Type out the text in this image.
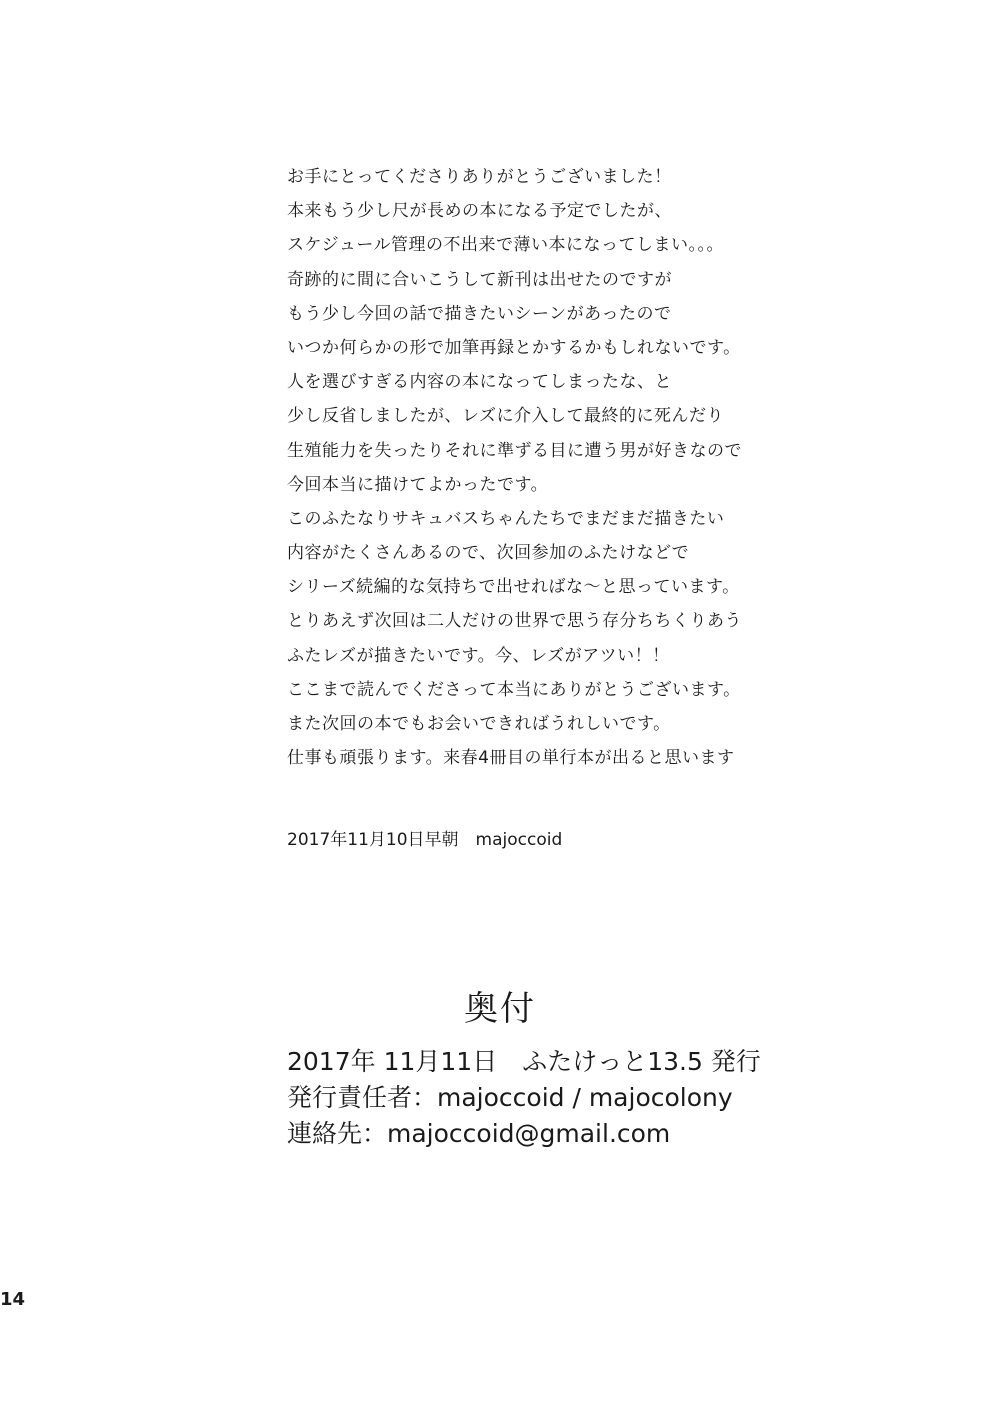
お手にとってくださりありがとうございました！
本来もう少し尺が長めの本になる予定でしたが、
スケジュール管理の不出来で薄い本になってしまい。。。
奇跡的に間に合いこうして新刊は出せたのですが
もう少し今回の話で描きたいシーンがあったので
いつか何らかの形で加筆再録とかするかもしれないです。
人を選びすぎる内容の本になってしまったな、と
少し反省しましたが、レズに介入して最終的に死んだり
生殖能力を失ったりそれに準ずる目に遭う男が好きなので
今回本当に描けてよかったです。
このふたなりサキュバスちゃんたちでまだまだ描きたい
内容がたくさんあるので、次回参加のふたけなどで
シリーズ続編的な気持ちで出せればな～と思っています。
とりあえず次回は二人だけの世界で思う存分ちちくりあう
ふたレズが描きたいです。今、レズがアツい！！
ここまで読んでくださって本当にありがとうございます。
また次回の本でもお会いできればうれしいです。
仕事も頑張ります。来春4冊目の単行本が出ると思います
2017年11月10日早朝　majoccoid
奥付
2017年 11月11日　ふたけっと13.5 発行
発行責任者：majoccoid / majocolony
連絡先：majoccoid@gmail.com
14
